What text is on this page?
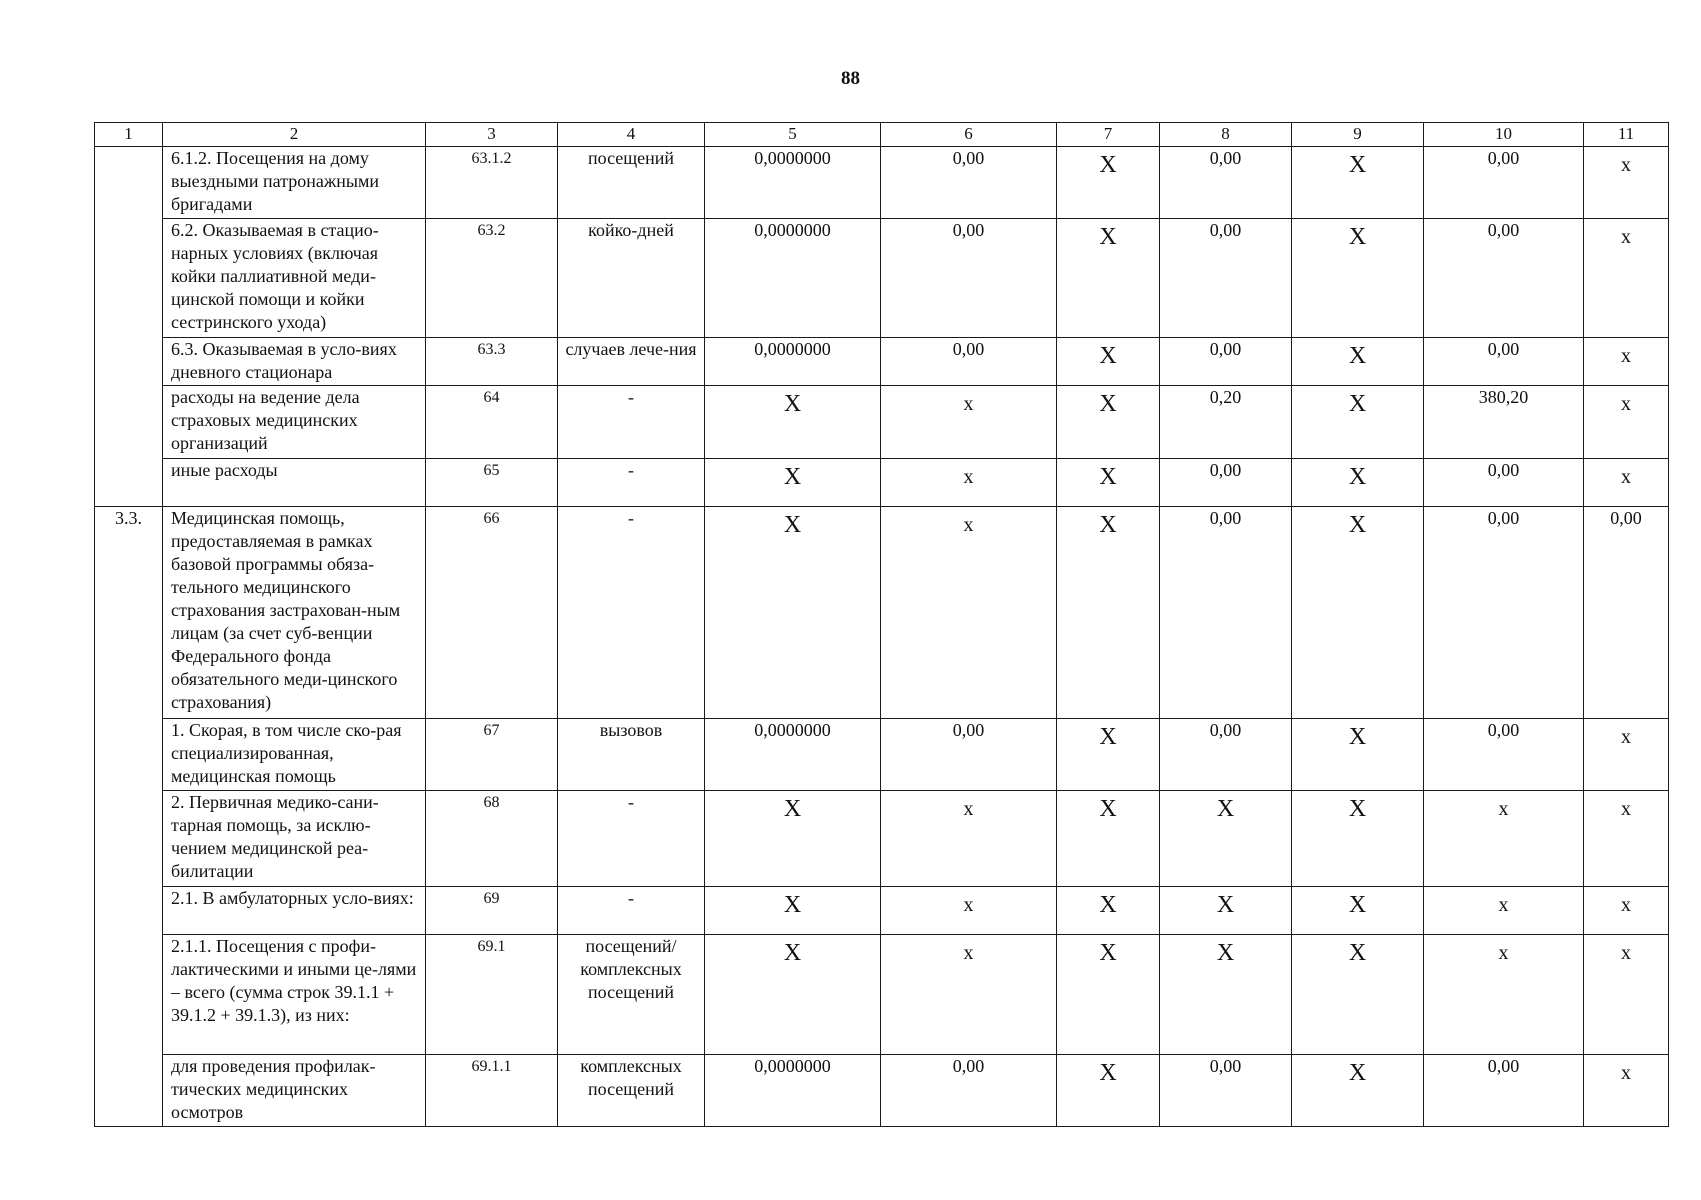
88
1	2	3	4	5	6	7	8	9	10	11
	6.1.2. Посещения на дому выездными патронажными бригадами	63.1.2	посещений	0,0000000	0,00	X	0,00	X	0,00	x
	6.2. Оказываемая в стацио-нарных условиях (включая койки паллиативной меди-цинской помощи и койки сестринского ухода)	63.2	койко-дней	0,0000000	0,00	X	0,00	X	0,00	x
	6.3. Оказываемая в усло-виях дневного стационара	63.3	случаев лече-ния	0,0000000	0,00	X	0,00	X	0,00	x
	расходы на ведение дела страховых медицинских организаций	64	-	X	x	X	0,20	X	380,20	x
	иные расходы	65	-	X	x	X	0,00	X	0,00	x
3.3.	Медицинская помощь, предоставляемая в рамках базовой программы обяза-тельного медицинского страхования застрахован-ным лицам (за счет суб-венции Федерального фонда обязательного меди-цинского страхования)	66	-	X	x	X	0,00	X	0,00	0,00
	1. Скорая, в том числе ско-рая специализированная, медицинская помощь	67	вызовов	0,0000000	0,00	X	0,00	X	0,00	x
	2. Первичная медико-сани-тарная помощь, за исклю-чением медицинской реа-билитации	68	-	X	x	X	X	X	x	x
	2.1. В амбулаторных усло-виях:	69	-	X	x	X	X	X	x	x
	2.1.1. Посещения с профи-лактическими и иными це-лями – всего (сумма строк 39.1.1 + 39.1.2 + 39.1.3), из них:	69.1	посещений/ комплексных посещений	X	x	X	X	X	x	x
	для проведения профилак-тических медицинских осмотров	69.1.1	комплексных посещений	0,0000000	0,00	X	0,00	X	0,00	x
